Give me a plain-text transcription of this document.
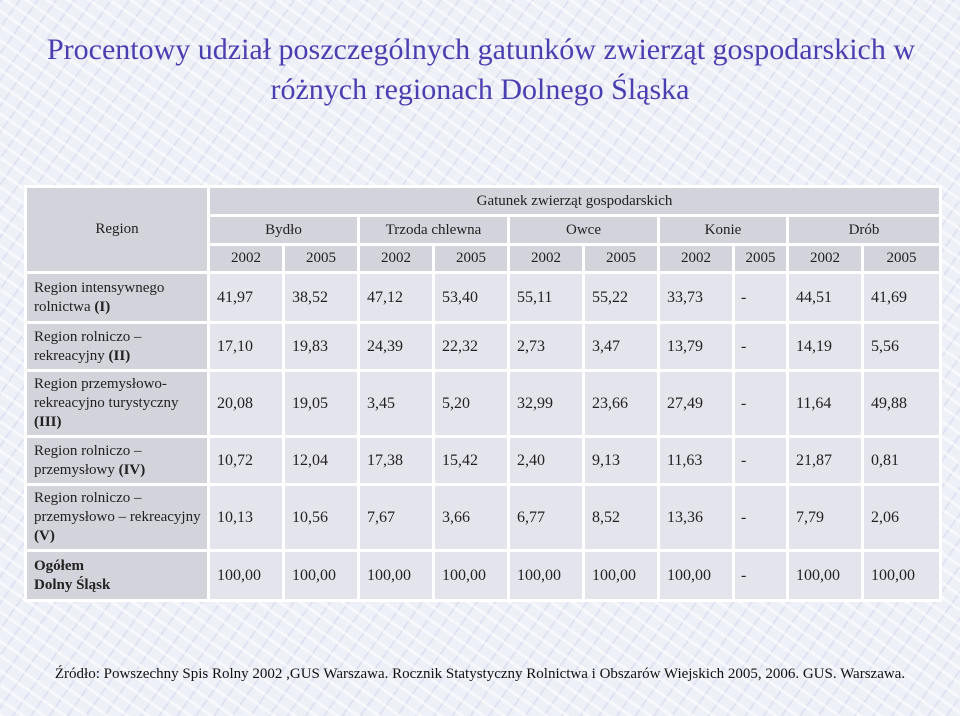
Procentowy udział poszczególnych gatunków zwierząt gospodarskich w
różnych regionach Dolnego Śląska
Region	Gatunek zwierząt gospodarskich									
	Bydło		Trzoda chlewna		Owce		Konie		Drób	
	2002	2005	2002	2005	2002	2005	2002	2005	2002	2005
Region intensywnego rolnictwa (I)	41,97	38,52	47,12	53,40	55,11	55,22	33,73	-	44,51	41,69
Region rolniczo – rekreacyjny (II)	17,10	19,83	24,39	22,32	2,73	3,47	13,79	-	14,19	5,56
Region przemysłowo-rekreacyjno turystyczny (III)	20,08	19,05	3,45	5,20	32,99	23,66	27,49	-	11,64	49,88
Region rolniczo – przemysłowy (IV)	10,72	12,04	17,38	15,42	2,40	9,13	11,63	-	21,87	0,81
Region rolniczo – przemysłowo – rekreacyjny (V)	10,13	10,56	7,67	3,66	6,77	8,52	13,36	-	7,79	2,06
Ogółem
Dolny Śląsk	100,00	100,00	100,00	100,00	100,00	100,00	100,00	-	100,00	100,00
Źródło: Powszechny Spis Rolny 2002 ,GUS Warszawa. Rocznik Statystyczny Rolnictwa i Obszarów Wiejskich 2005, 2006. GUS. Warszawa.
